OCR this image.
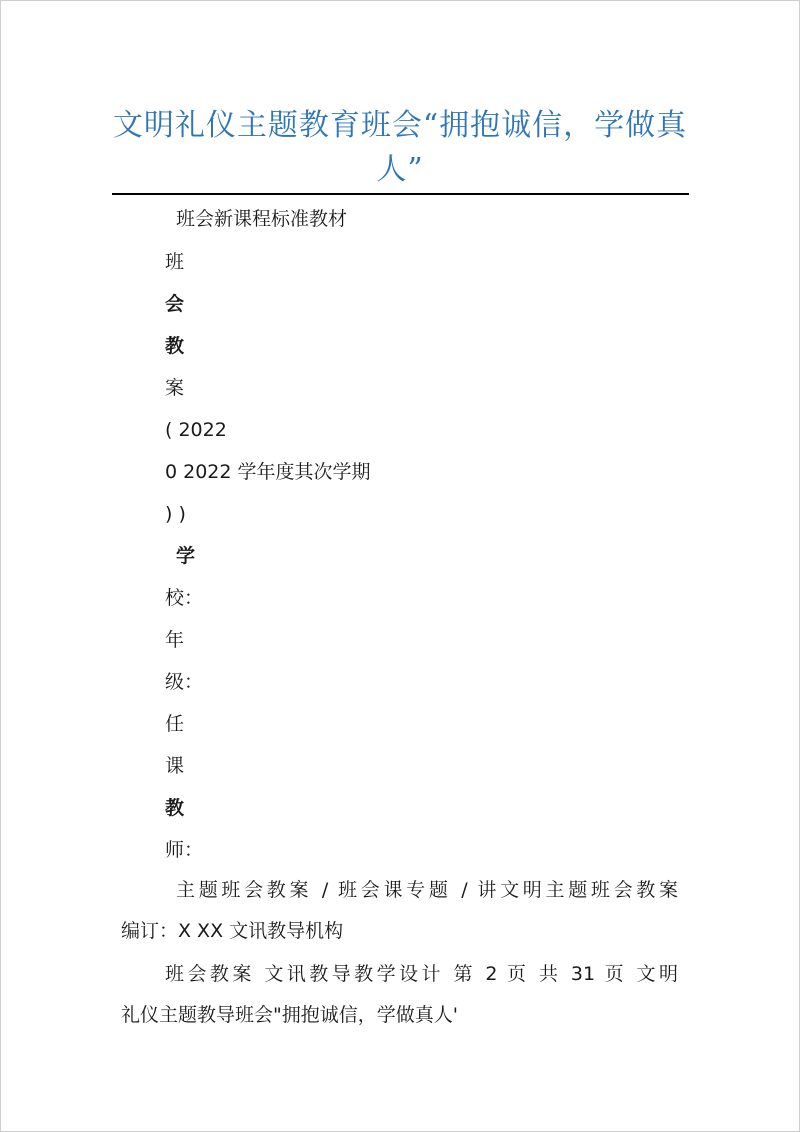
文明礼仪主题教育班会“拥抱诚信，学做真
人”
班会新课程标准教材
班
会
教
案
( 2022
0 2022 学年度其次学期
) )
学
校：
年
级：
任
课
教
师：
主题班会教案 / 班会课专题 / 讲文明主题班会教案
编订：X XX 文讯教导机构
班会教案 文讯教导教学设计 第 2 页 共 31 页 文明
礼仪主题教导班会"拥抱诚信，学做真人'
